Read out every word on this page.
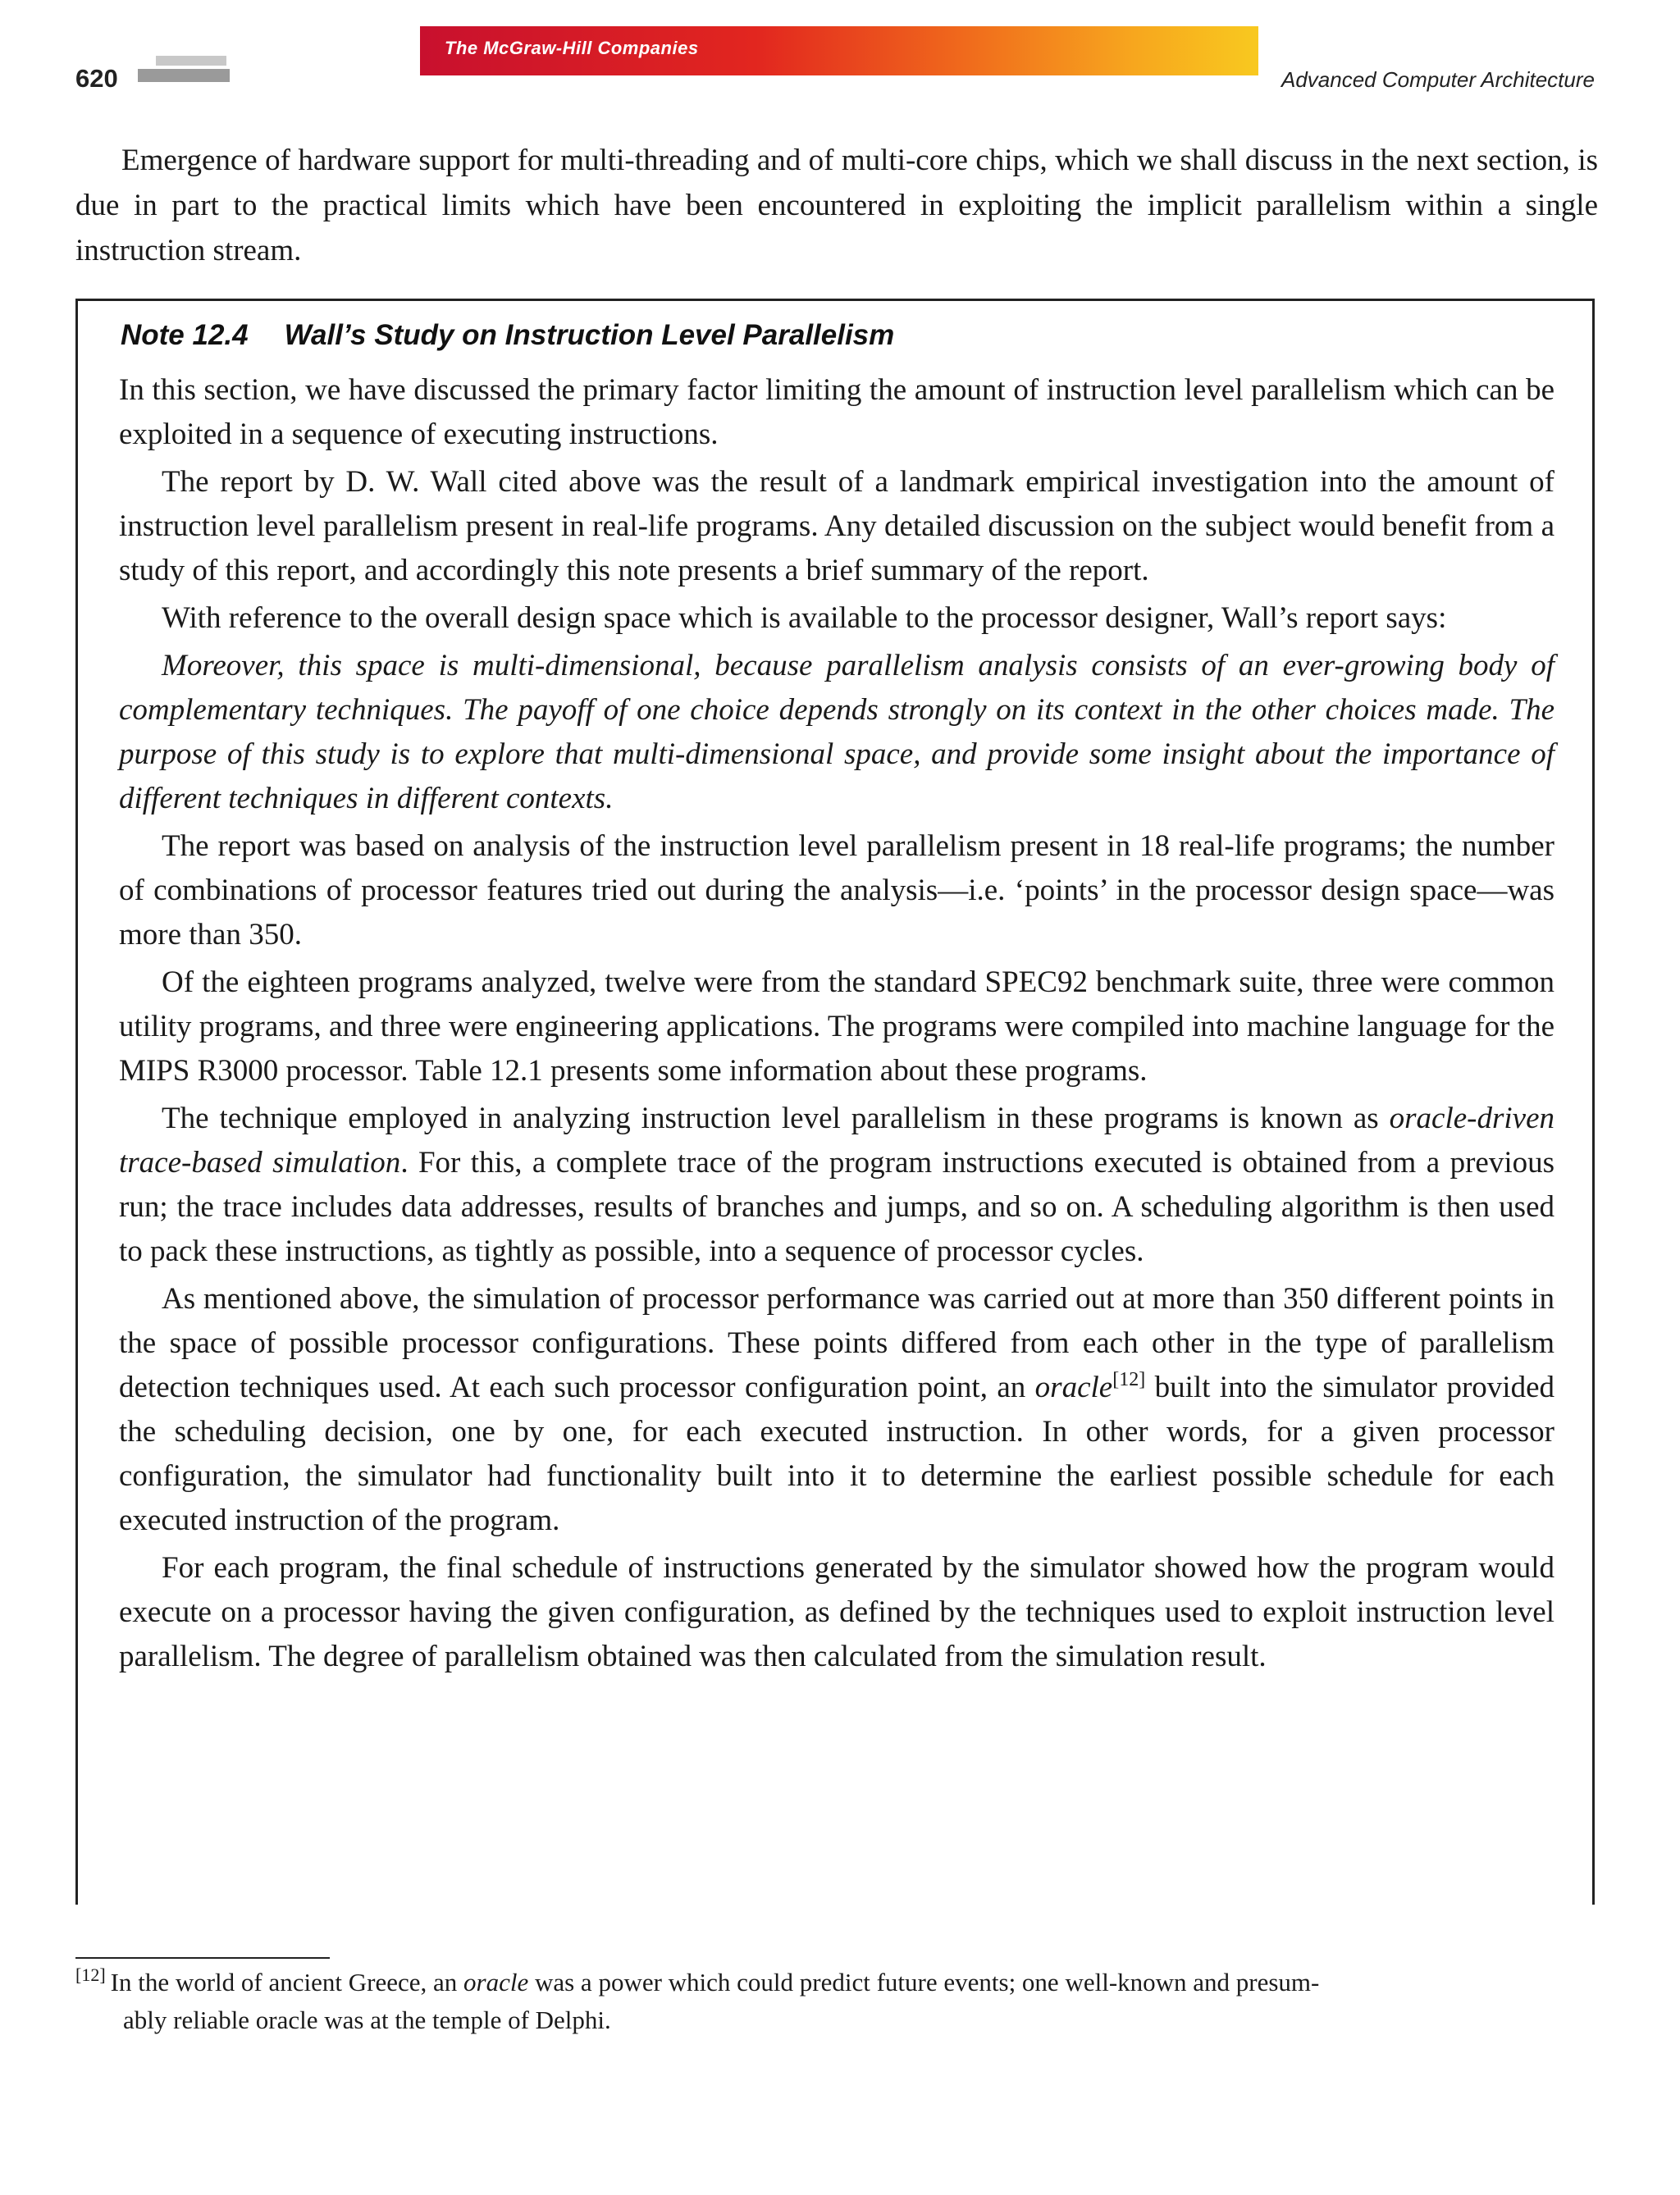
620
The McGraw-Hill Companies
Advanced Computer Architecture

Emergence of hardware support for multi-threading and of multi-core chips, which we shall discuss in the next section, is due in part to the practical limits which have been encountered in exploiting the implicit parallelism within a single instruction stream.

Note 12.4 Wall’s Study on Instruction Level Parallelism

In this section, we have discussed the primary factor limiting the amount of instruction level parallelism which can be exploited in a sequence of executing instructions.

The report by D. W. Wall cited above was the result of a landmark empirical investigation into the amount of instruction level parallelism present in real-life programs. Any detailed discussion on the subject would benefit from a study of this report, and accordingly this note presents a brief summary of the report.

With reference to the overall design space which is available to the processor designer, Wall’s report says:

Moreover, this space is multi-dimensional, because parallelism analysis consists of an ever-growing body of complementary techniques. The payoff of one choice depends strongly on its context in the other choices made. The purpose of this study is to explore that multi-dimensional space, and provide some insight about the importance of different techniques in different contexts.

The report was based on analysis of the instruction level parallelism present in 18 real-life programs; the number of combinations of processor features tried out during the analysis—i.e. ‘points’ in the processor design space—was more than 350.

Of the eighteen programs analyzed, twelve were from the standard SPEC92 benchmark suite, three were common utility programs, and three were engineering applications. The programs were compiled into machine language for the MIPS R3000 processor. Table 12.1 presents some information about these programs.

The technique employed in analyzing instruction level parallelism in these programs is known as oracle-driven trace-based simulation. For this, a complete trace of the program instructions executed is obtained from a previous run; the trace includes data addresses, results of branches and jumps, and so on. A scheduling algorithm is then used to pack these instructions, as tightly as possible, into a sequence of processor cycles.

As mentioned above, the simulation of processor performance was carried out at more than 350 different points in the space of possible processor configurations. These points differed from each other in the type of parallelism detection techniques used. At each such processor configuration point, an oracle[12] built into the simulator provided the scheduling decision, one by one, for each executed instruction. In other words, for a given processor configuration, the simulator had functionality built into it to determine the earliest possible schedule for each executed instruction of the program.

For each program, the final schedule of instructions generated by the simulator showed how the program would execute on a processor having the given configuration, as defined by the techniques used to exploit instruction level parallelism. The degree of parallelism obtained was then calculated from the simulation result.

[12] In the world of ancient Greece, an oracle was a power which could predict future events; one well-known and presum-
ably reliable oracle was at the temple of Delphi.
